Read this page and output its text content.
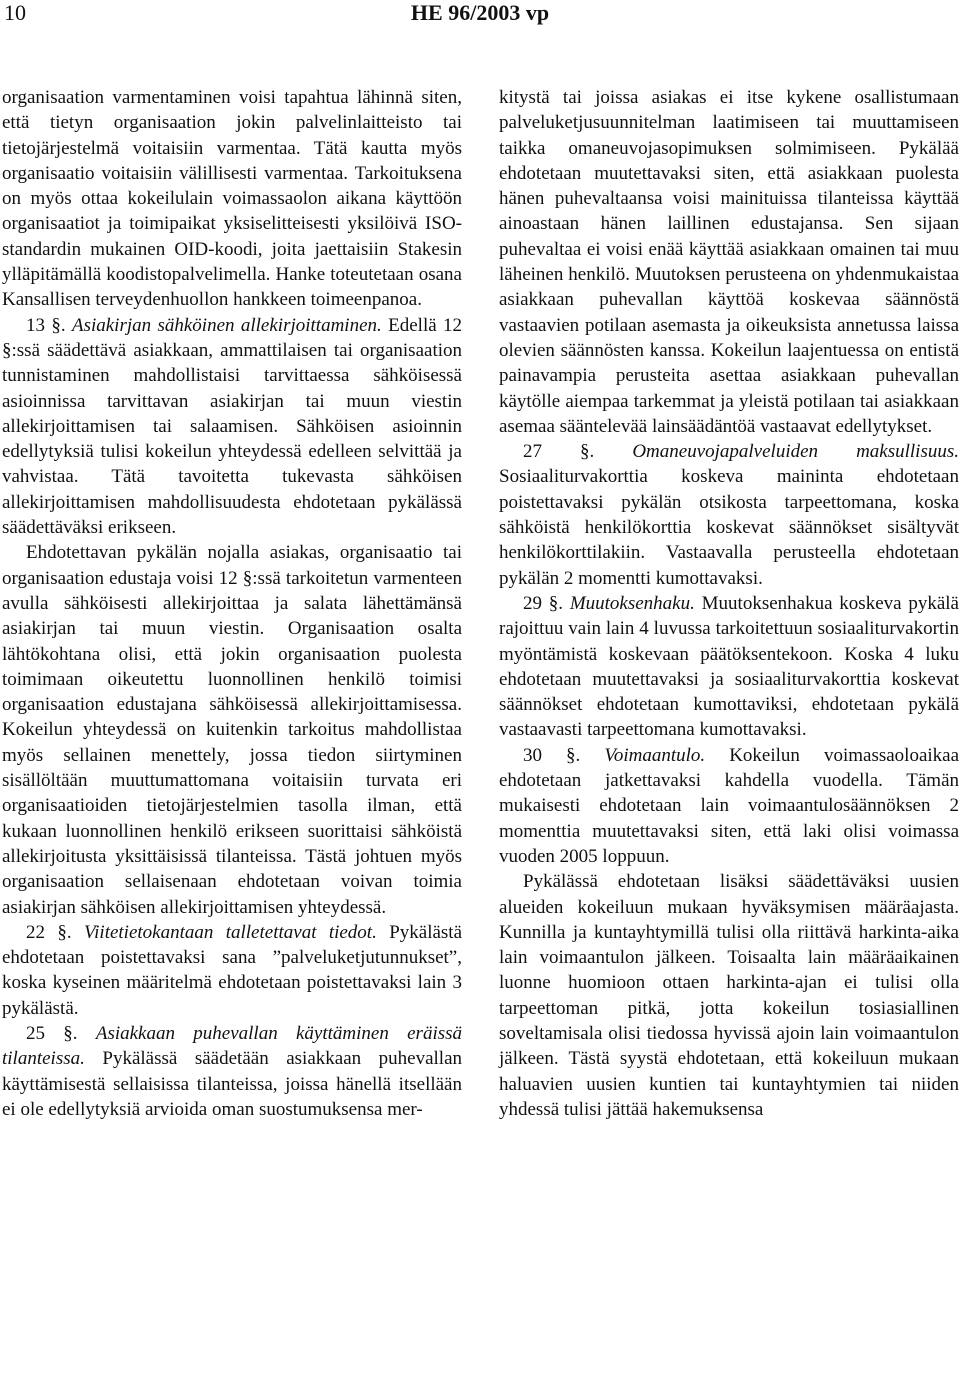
10	HE 96/2003 vp

organisaation varmentaminen voisi tapahtua lähinnä siten, että tietyn organisaation jokin palvelinlaitteisto tai tietojärjestelmä voitaisiin varmentaa. Tätä kautta myös organisaatio voitaisiin välillisesti varmentaa. Tarkoituksena on myös ottaa kokeilulain voimassaolon aikana käyttöön organisaatiot ja toimipaikat yksiselitteisesti yksilöivä ISO-standardin mukainen OID-koodi, joita jaettaisiin Stakesin ylläpitämällä koodistopalvelimella. Hanke toteutetaan osana Kansallisen terveydenhuollon hankkeen toimeenpanoa.

13 §. Asiakirjan sähköinen allekirjoittaminen. Edellä 12 §:ssä säädettävä asiakkaan, ammattilaisen tai organisaation tunnistaminen mahdollistaisi tarvittaessa sähköisessä asioinnissa tarvittavan asiakirjan tai muun viestin allekirjoittamisen tai salaamisen. Sähköisen asioinnin edellytyksiä tulisi kokeilun yhteydessä edelleen selvittää ja vahvistaa. Tätä tavoitetta tukevasta sähköisen allekirjoittamisen mahdollisuudesta ehdotetaan pykälässä säädettäväksi erikseen.

Ehdotettavan pykälän nojalla asiakas, organisaatio tai organisaation edustaja voisi 12 §:ssä tarkoitetun varmenteen avulla sähköisesti allekirjoittaa ja salata lähettämänsä asiakirjan tai muun viestin. Organisaation osalta lähtökohtana olisi, että jokin organisaation puolesta toimimaan oikeutettu luonnollinen henkilö toimisi organisaation edustajana sähköisessä allekirjoittamisessa. Kokeilun yhteydessä on kuitenkin tarkoitus mahdollistaa myös sellainen menettely, jossa tiedon siirtyminen sisällöltään muuttumattomana voitaisiin turvata eri organisaatioiden tietojärjestelmien tasolla ilman, että kukaan luonnollinen henkilö erikseen suorittaisi sähköistä allekirjoitusta yksittäisissä tilanteissa. Tästä johtuen myös organisaation sellaisenaan ehdotetaan voivan toimia asiakirjan sähköisen allekirjoittamisen yhteydessä.

22 §. Viitetietokantaan talletettavat tiedot. Pykälästä ehdotetaan poistettavaksi sana ”palveluketjutunnukset”, koska kyseinen määritelmä ehdotetaan poistettavaksi lain 3 pykälästä.

25 §. Asiakkaan puhevallan käyttäminen eräissä tilanteissa. Pykälässä säädetään asiakkaan puhevallan käyttämisestä sellaisissa tilanteissa, joissa hänellä itsellään ei ole edellytyksiä arvioida oman suostumuksensa mer-

kitystä tai joissa asiakas ei itse kykene osallistumaan palveluketjusuunnitelman laatimiseen tai muuttamiseen taikka omaneuvojasopimuksen solmimiseen. Pykälää ehdotetaan muutettavaksi siten, että asiakkaan puolesta hänen puhevaltaansa voisi mainituissa tilanteissa käyttää ainoastaan hänen laillinen edustajansa. Sen sijaan puhevaltaa ei voisi enää käyttää asiakkaan omainen tai muu läheinen henkilö. Muutoksen perusteena on yhdenmukaistaa asiakkaan puhevallan käyttöä koskevaa säännöstä vastaavien potilaan asemasta ja oikeuksista annetussa laissa olevien säännösten kanssa. Kokeilun laajentuessa on entistä painavampia perusteita asettaa asiakkaan puhevallan käytölle aiempaa tarkemmat ja yleistä potilaan tai asiakkaan asemaa sääntelevää lainsäädäntöä vastaavat edellytykset.

27 §. Omaneuvojapalveluiden maksullisuus. Sosiaaliturvakorttia koskeva maininta ehdotetaan poistettavaksi pykälän otsikosta tarpeettomana, koska sähköistä henkilökorttia koskevat säännökset sisältyvät henkilökorttilakiin. Vastaavalla perusteella ehdotetaan pykälän 2 momentti kumottavaksi.

29 §. Muutoksenhaku. Muutoksenhakua koskeva pykälä rajoittuu vain lain 4 luvussa tarkoitettuun sosiaaliturvakortin myöntämistä koskevaan päätöksentekoon. Koska 4 luku ehdotetaan muutettavaksi ja sosiaaliturvakorttia koskevat säännökset ehdotetaan kumottaviksi, ehdotetaan pykälä vastaavasti tarpeettomana kumottavaksi.

30 §. Voimaantulo. Kokeilun voimassaoloaikaa ehdotetaan jatkettavaksi kahdella vuodella. Tämän mukaisesti ehdotetaan lain voimaantulosäännöksen 2 momenttia muutettavaksi siten, että laki olisi voimassa vuoden 2005 loppuun.

Pykälässä ehdotetaan lisäksi säädettäväksi uusien alueiden kokeiluun mukaan hyväksymisen määräajasta. Kunnilla ja kuntayhtymillä tulisi olla riittävä harkinta-aika lain voimaantulon jälkeen. Toisaalta lain määräaikainen luonne huomioon ottaen harkinta-ajan ei tulisi olla tarpeettoman pitkä, jotta kokeilun tosiasiallinen soveltamisala olisi tiedossa hyvissä ajoin lain voimaantulon jälkeen. Tästä syystä ehdotetaan, että kokeiluun mukaan haluavien uusien kuntien tai kuntayhtymien tai niiden yhdessä tulisi jättää hakemuksensa
